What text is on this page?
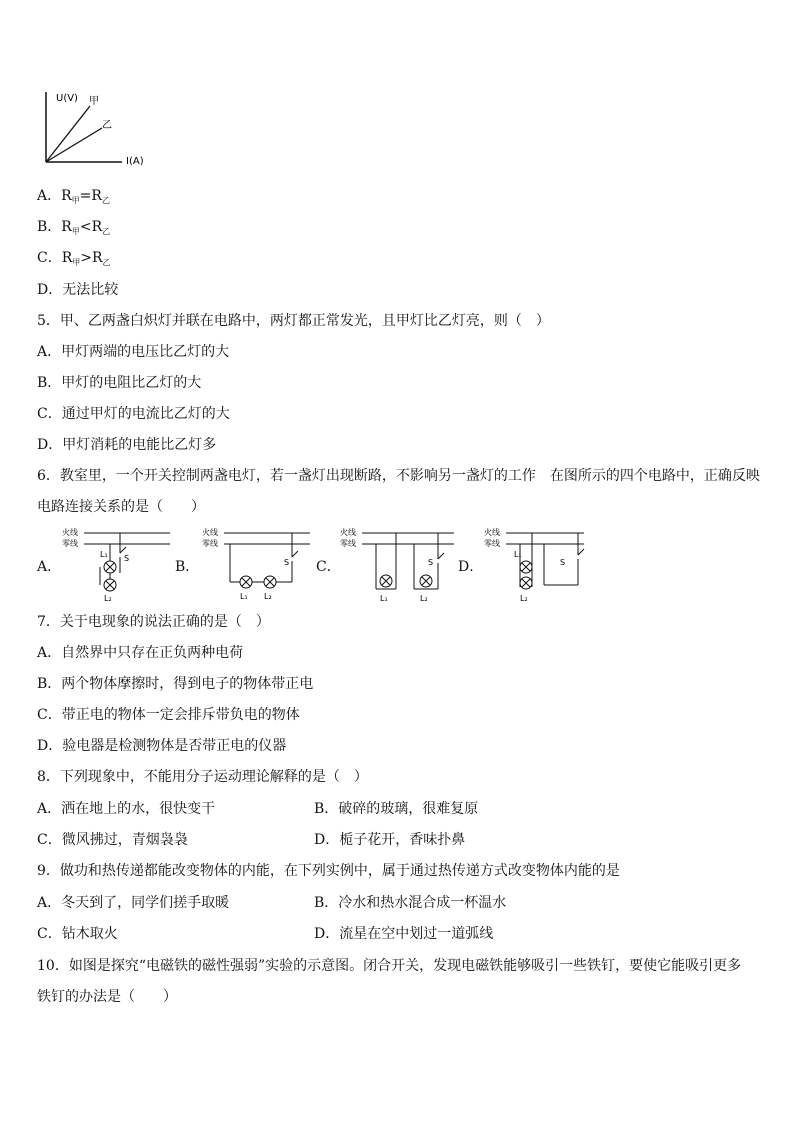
U(V)
I(A)
甲
乙
A．$R_甲=R_乙$
B．$R_甲<R_乙$
C．$R_甲>R_乙$
D．无法比较
5．甲、乙两盏白炽灯并联在电路中，两灯都正常发光，且甲灯比乙灯亮，则（　）
A．甲灯两端的电压比乙灯的大
B．甲灯的电阻比乙灯的大
C．通过甲灯的电流比乙灯的大
D．甲灯消耗的电能比乙灯多
6．教室里，一个开关控制两盏电灯，若一盏灯出现断路，不影响另一盏灯的工作　在图所示的四个电路中，正确反映
电路连接关系的是（　　）
A．	B．	C．	D．
火线
零线
L₁ S
L₂
火线
零线
S
L₁ L₂
火线
零线
S
L₁	L₂
火线
零线
L₁
S
L₂
7．关于电现象的说法正确的是（　）
A．自然界中只存在正负两种电荷
B．两个物体摩擦时，得到电子的物体带正电
C．带正电的物体一定会排斥带负电的物体
D．验电器是检测物体是否带正电的仪器
8．下列现象中，不能用分子运动理论解释的是（　）
A．洒在地上的水，很快变干	B．破碎的玻璃，很难复原
C．微风拂过，青烟袅袅	D．栀子花开，香味扑鼻
9．做功和热传递都能改变物体的内能，在下列实例中，属于通过热传递方式改变物体内能的是
A．冬天到了，同学们搓手取暖	B．冷水和热水混合成一杯温水
C．钻木取火	D．流星在空中划过一道弧线
10．如图是探究“电磁铁的磁性强弱”实验的示意图。闭合开关，发现电磁铁能够吸引一些铁钉，要使它能吸引更多
铁钉的办法是（　　）
